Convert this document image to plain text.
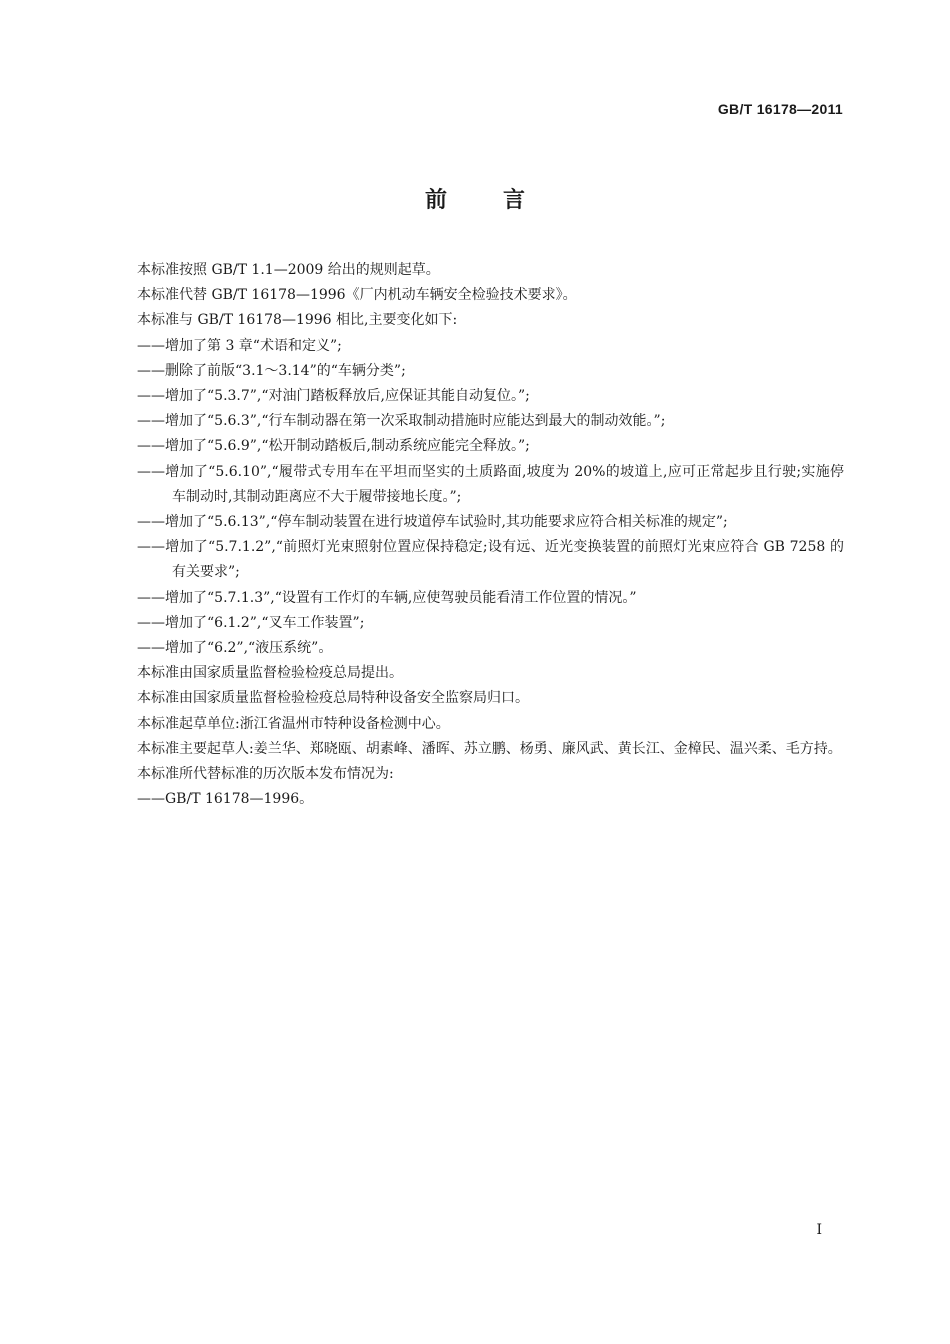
GB/T 16178—2011
前言

本标准按照 GB/T 1.1—2009 给出的规则起草。

本标准代替 GB/T 16178—1996《厂内机动车辆安全检验技术要求》。

本标准与 GB/T 16178—1996 相比,主要变化如下:

——增加了第 3 章“术语和定义”;

——删除了前版“3.1～3.14”的“车辆分类”;

——增加了“5.3.7”,“对油门踏板释放后,应保证其能自动复位。”;

——增加了“5.6.3”,“行车制动器在第一次采取制动措施时应能达到最大的制动效能。”;

——增加了“5.6.9”,“松开制动踏板后,制动系统应能完全释放。”;

——增加了“5.6.10”,“履带式专用车在平坦而坚实的土质路面,坡度为 20%的坡道上,应可正常起步且行驶;实施停车制动时,其制动距离应不大于履带接地长度。”;

——增加了“5.6.13”,“停车制动装置在进行坡道停车试验时,其功能要求应符合相关标准的规定”;

——增加了“5.7.1.2”,“前照灯光束照射位置应保持稳定;设有远、近光变换装置的前照灯光束应符合 GB 7258 的有关要求”;

——增加了“5.7.1.3”,“设置有工作灯的车辆,应使驾驶员能看清工作位置的情况。”

——增加了“6.1.2”,“叉车工作装置”;

——增加了“6.2”,“液压系统”。

本标准由国家质量监督检验检疫总局提出。

本标准由国家质量监督检验检疫总局特种设备安全监察局归口。

本标准起草单位:浙江省温州市特种设备检测中心。

本标准主要起草人:姜兰华、郑晓瓯、胡素峰、潘晖、苏立鹏、杨勇、廉风武、黄长江、金樟民、温兴柔、毛方持。

本标准所代替标准的历次版本发布情况为:

——GB/T 16178—1996。

I
